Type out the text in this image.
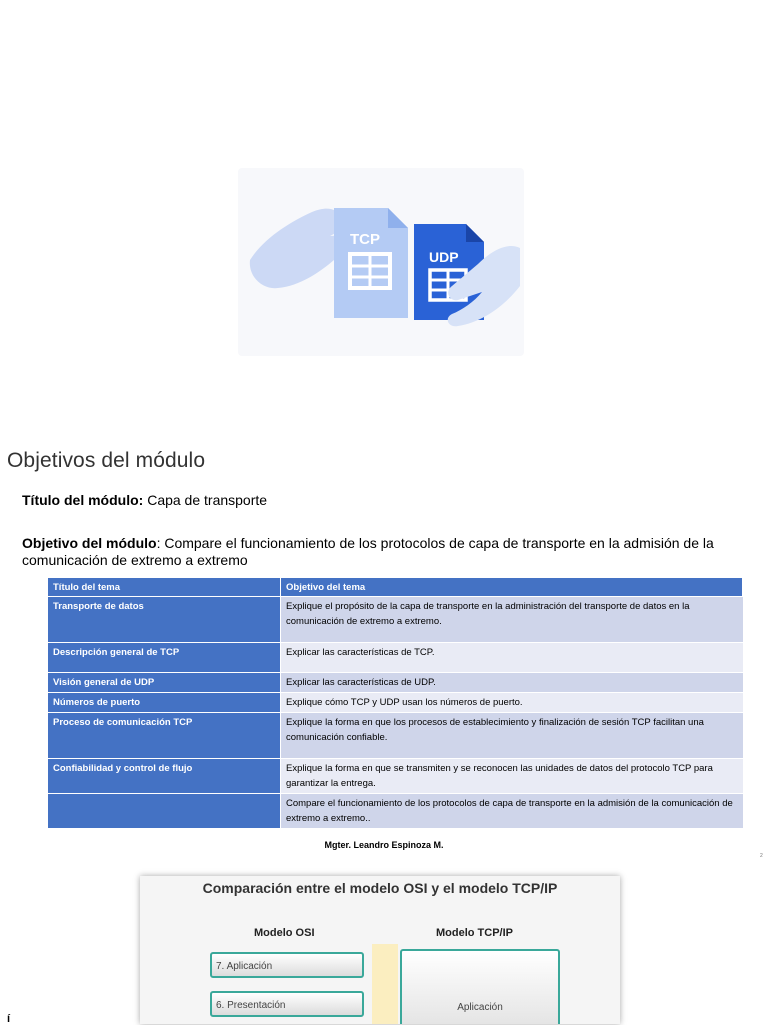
TCP
UDP
Objetivos del módulo
Título del módulo: Capa de transporte
Objetivo del módulo: Compare el funcionamiento de los protocolos de capa de transporte en la admisión de la comunicación de extremo a extremo
Título del tema	Objetivo del tema
Transporte de datos	Explique el propósito de la capa de transporte en la administración del transporte de datos en la comunicación de extremo a extremo.
Descripción general de TCP	Explicar las características de TCP.
Visión general de UDP	Explicar las características de UDP.
Números de puerto	Explique cómo TCP y UDP usan los números de puerto.
Proceso de comunicación TCP	Explique la forma en que los procesos de establecimiento y finalización de sesión TCP facilitan una comunicación confiable.
Confiabilidad y control de flujo	Explique la forma en que se transmiten y se reconocen las unidades de datos del protocolo TCP para garantizar la entrega.
	Compare el funcionamiento de los protocolos de capa de transporte en la admisión de la comunicación de extremo a extremo..
Mgter. Leandro Espinoza M.
2
Comparación entre el modelo OSI y el modelo TCP/IP
Modelo OSI	Modelo TCP/IP
7. Aplicación
6. Presentación	Aplicación
í
